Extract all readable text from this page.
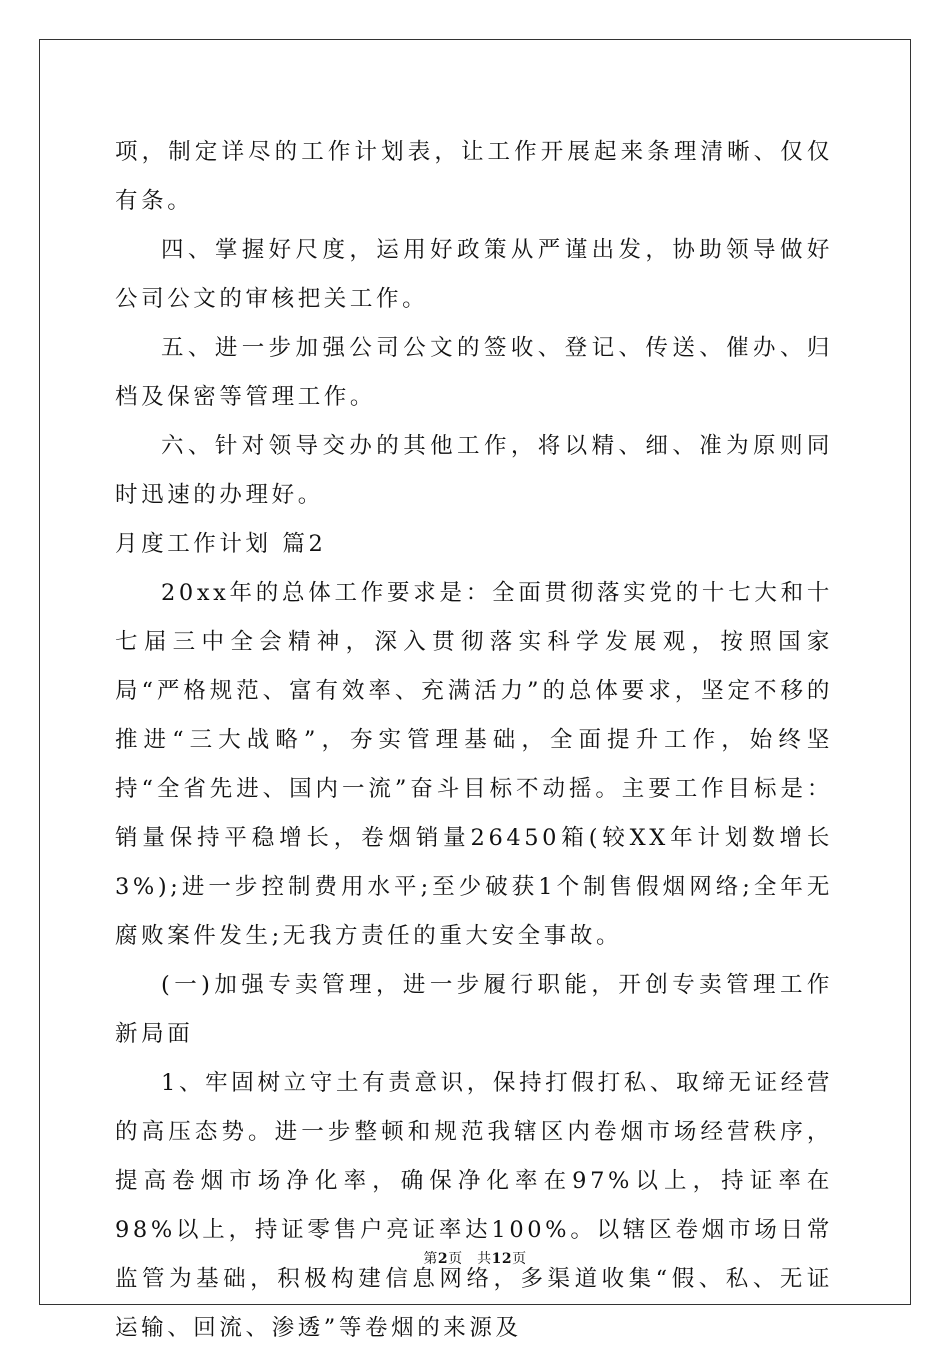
项，制定详尽的工作计划表，让工作开展起来条理清晰、仅仅有条。

四、掌握好尺度，运用好政策从严谨出发，协助领导做好公司公文的审核把关工作。

五、进一步加强公司公文的签收、登记、传送、催办、归档及保密等管理工作。

六、针对领导交办的其他工作，将以精、细、准为原则同时迅速的办理好。

月度工作计划 篇2

20xx年的总体工作要求是：全面贯彻落实党的十七大和十七届三中全会精神，深入贯彻落实科学发展观，按照国家局“严格规范、富有效率、充满活力”的总体要求，坚定不移的推进“三大战略”，夯实管理基础，全面提升工作，始终坚持“全省先进、国内一流”奋斗目标不动摇。主要工作目标是：销量保持平稳增长，卷烟销量26450箱(较XX年计划数增长3%);进一步控制费用水平;至少破获1个制售假烟网络;全年无腐败案件发生;无我方责任的重大安全事故。

(一)加强专卖管理，进一步履行职能，开创专卖管理工作新局面

1、牢固树立守土有责意识，保持打假打私、取缔无证经营的高压态势。进一步整顿和规范我辖区内卷烟市场经营秩序，提高卷烟市场净化率，确保净化率在97%以上，持证率在98%以上，持证零售户亮证率达100%。以辖区卷烟市场日常监管为基础，积极构建信息网络，多渠道收集“假、私、无证运输、回流、渗透”等卷烟的来源及

第2页　共12页
